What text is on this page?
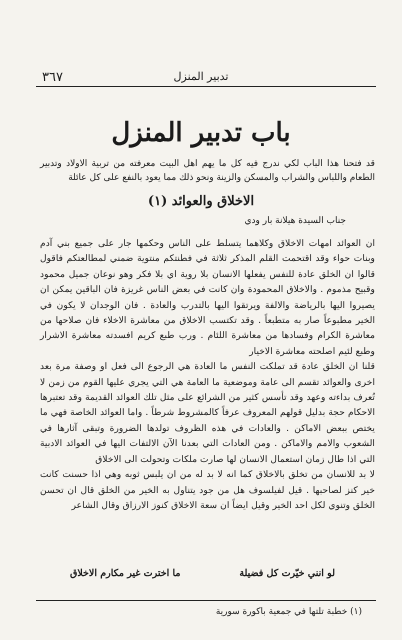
٣٦٧	تدبير المنزل
باب تدبير المنزل
قد فتحنا هذا الباب لكي ندرج فيه كل ما يهم اهل البيت معرفته من تربية الاولاد وتدبير الطعام واللباس والشراب والمسكن والزينة ونحو ذلك مما يعود بالنفع على كل عائلة
الاخلاق والعوائد (١)
جناب السيدة هيلانة بار ودي

ان العوائد امهات الاخلاق وكلاهما يتسلط على الناس وحكمها جار على جميع بني آدم وبنات حواء وقد اقتحمت القلم المذكر ثلاثة في فطنتكم منتوية ضمني لمطالعتكم فاقول قالوا ان الخلق عادة للنفس يفعلها الانسان بلا روية اي بلا فكر وهو نوعان جميل محمود وقبيح مذموم . والاخلاق المحمودة وان كانت في بعض الناس غريزة فان الباقين يمكن ان يصيروا اليها بالرياضة والالفة ويرتقوا اليها بالتدرب والعادة . فان الوجدان لا يكون في الخير مطبوعاً صار به متطبعاً . وقد تكتسب الاخلاق من معاشرة الاخلاء فان صلاحها من معاشرة الكرام وفسادها من معاشرة اللئام . ورب طبع كريم افسدته معاشرة الاشرار وطبع لئيم اصلحته معاشرة الاخيار

قلنا ان الخلق عادة قد تملكت النفس ما العادة هي الرجوع الى فعل او وصفة مرة بعد اخرى والعوائد تقسم الى عامة وموضعية ما العامة هي التي يجري عليها القوم من زمن لا تُعرف بداءته وعهد وقد تأسس كثير من الشرائع على مثل تلك العوائد القديمة وقد تعتبرها الاحكام حجة بدليل قولهم المعروف عرفاً كالمشروط شرطاً . واما العوائد الخاصة فهي ما يختص ببعض الاماكن . والعادات في هذه الظروف تولدها الضرورة وتبقى آثارها في الشعوب والامم والاماكن . ومن العادات التي بعدنا الآن الالتفات اليها في العوائد الادبية التي اذا طال زمان استعمال الانسان لها صارت ملكات وتحولت الى الاخلاق

لا بد للانسان من تخلق بالاخلاق كما انه لا بد له من ان يلبس ثوبه وهي اذا حسنت كانت خير كنز لصاحبها . قيل لفيلسوف هل من جود يتناول به الخير من الخلق قال ان تحسن الخلق وتنوي لكل احد الخير وقيل ايضاً ان سعة الاخلاق كنوز الارزاق وقال الشاعر

لو انني خيّرت كل فضيلة
ما اخترت غير مكارم الاخلاق
(١) خطبة تلتها في جمعية باكورة سورية
